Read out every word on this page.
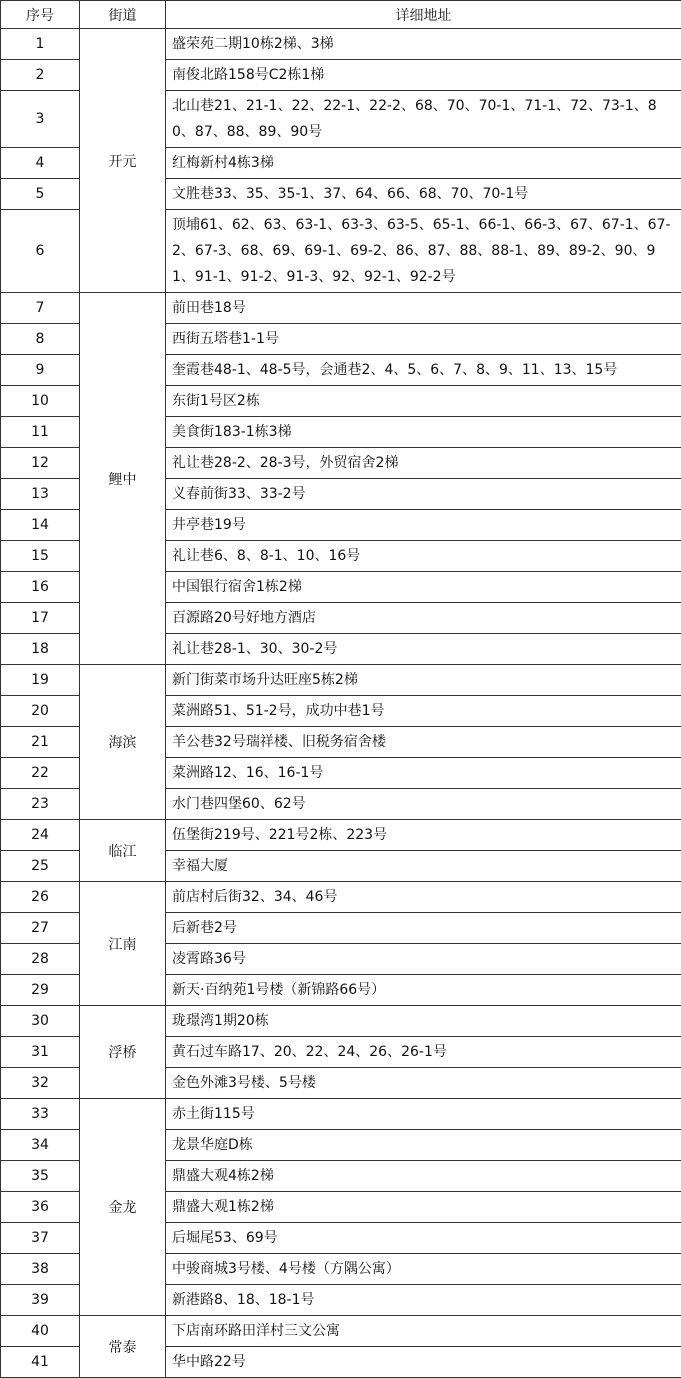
序号	街道	详细地址
1	开元	盛荣苑二期10栋2梯、3梯
2		南俊北路158号C2栋1梯
3		北山巷21、21-1、22、22-1、22-2、68、70、70-1、71-1、72、73-1、80、87、88、89、90号
4		红梅新村4栋3梯
5		文胜巷33、35、35-1、37、64、66、68、70、70-1号
6		顶埔61、62、63、63-1、63-3、63-5、65-1、66-1、66-3、67、67-1、67-2、67-3、68、69、69-1、69-2、86、87、88、88-1、89、89-2、90、91、91-1、91-2、91-3、92、92-1、92-2号
7	鲤中	前田巷18号
8		西街五塔巷1-1号
9		奎霞巷48-1、48-5号，会通巷2、4、5、6、7、8、9、11、13、15号
10		东街1号区2栋
11		美食街183-1栋3梯
12		礼让巷28-2、28-3号，外贸宿舍2梯
13		义春前街33、33-2号
14		井亭巷19号
15		礼让巷6、8、8-1、10、16号
16		中国银行宿舍1栋2梯
17		百源路20号好地方酒店
18		礼让巷28-1、30、30-2号
19	海滨	新门街菜市场升达旺座5栋2梯
20		菜洲路51、51-2号，成功中巷1号
21		羊公巷32号瑞祥楼、旧税务宿舍楼
22		菜洲路12、16、16-1号
23		水门巷四堡60、62号
24	临江	伍堡街219号、221号2栋、223号
25		幸福大厦
26	江南	前店村后街32、34、46号
27		后新巷2号
28		凌霄路36号
29		新天·百纳苑1号楼（新锦路66号）
30	浮桥	珑璟湾1期20栋
31		黄石过车路17、20、22、24、26、26-1号
32		金色外滩3号楼、5号楼
33	金龙	赤土街115号
34		龙景华庭D栋
35		鼎盛大观4栋2梯
36		鼎盛大观1栋2梯
37		后堀尾53、69号
38		中骏商城3号楼、4号楼（方隅公寓）
39		新港路8、18、18-1号
40	常泰	下店南环路田洋村三文公寓
41		华中路22号
